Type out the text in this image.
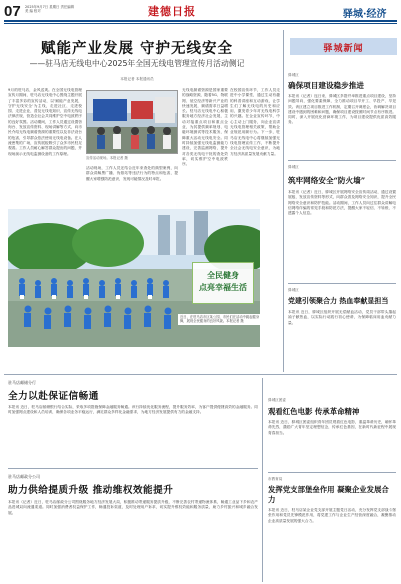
07 2025年9月7日 星期日 责任编辑 美 编 校对	建德日报	驿城·经济
赋能产业发展 守护无线安全
——驻马店无线电中心2025年全国无线电管理宣传月活动侧记
本报记者 本报通讯员
9月的驻马店，金风送爽。在全国无线电管理宣传月期间，驻马店无线电中心围绕主题开展了丰富多彩的宣传活动，以'赋能产业发展，守护无线安全'为主线，走进社区、走进校园、走进企业，普及无线电知识，宣传无线电法律法规，营造全社会共同维护空中电波秩序的良好氛围。活动期间，工作人员通过设置咨询台、发放宣传资料、现场讲解等方式，向市民介绍无线电频谱资源的重要性以及非法设台的危害，引导群众依法使用无线电设备。在人流密集的广场，宣传展板吸引了众多市民驻足观看。工作人员耐心解答群众提出的问题，并现场演示无线电监测设备的工作原理。
宣传活动现场。本报记者 摄
活动现场，工作人员还结合近年来查处的典型案例，向群众讲解黑广播、伪基站等违法行为的特点和危害，提醒大家增强防范意识，发现可疑情况及时举报。
无线电频谱资源是国家重要的战略资源，随着5G、物联网、低空经济等新兴产业的快速发展，频谱需求日益增长。驻马店无线电中心积极服务地方经济社会发展，主动对接重点项目和重点企业，为其提供频率规划、电磁环境测试等技术服务，保障重大活动无线电安全。同时持续加强无线电监测能力建设，完善监测网络，提升对各类无线电干扰的查处效率，切实维护空中电波秩序。
在校园宣传环节，工作人员走进中小学课堂，通过生动有趣的科普讲座和互动游戏，让学生们了解无线电的历史和应用，激发青少年对无线电科学的兴趣。在企业宣传环节，中心主动上门服务，向企业宣讲无线电管理相关政策，帮助企业规范用频行为。下一步，驻马店无线电中心将继续加强无线电管理宣传工作，不断提升全社会无线电安全意识，为地方经济高质量发展贡献力量。
全民健身
点亮幸福生活
近日，在驻马店市区某公园，市民们在活动中跳起健身舞，展现全民健身的良好风貌。本报记者 摄
驿城新闻
驿城区
确保项目建设稳步推进
本报讯（记者）连日来，驿城区多措并举推进重点项目建设，坚持问题导向，强化要素保障，全力推动项目早开工、早投产、早见效。该区建立项目推进工作机制，定期召开调度会，协调解决项目建设中遇到的困难和问题，确保项目建设按照时间节点有序推进。同时，深入开展优化营商环境工作，为项目建设提供优质高效服务。
驿城区
筑牢网络安全“防火墙”
本报讯（记者）近日，驿城区开展网络安全宣传周活动，通过设置展板、发放宣传资料等形式，向群众普及网络安全知识，提升全民网络安全意识和防护技能。活动期间，工作人员向过往群众讲解电信网络诈骗的常见手段和防范方法，提醒大家不轻信、不转账、不透露个人信息。
驿城区
党建引领聚合力 热血奉献显担当
本报讯 近日，驿城区组织开展无偿献血活动，党员干部带头撸起袖子献热血，以实际行动践行初心使命，为保障临床用血贡献力量。
驻马店邮储分行
全力以赴保证信畅通
本报讯 近日，驻马店邮储银行结合实际，采取多项措施保障金融服务畅通。该行持续优化服务流程，提升服务效率，为客户提供便捷高效的金融服务。同时加强网点建设和人员培训，确保各项业务平稳运行，满足群众多样化金融需求，为地方经济发展提供有力的金融支持。
驻马店邮政分公司
助力供给提质升级 推动维权效能提升
本报讯（记者）近日，驻马店邮政分公司围绕服务地方经济发展大局，积极推动寄递服务提质升级，不断完善农村寄递物流体系，畅通工业品下乡和农产品进城双向流通渠道。同时加强消费者权益保护工作，畅通投诉渠道，及时处理用户诉求，切实提升维权效能和服务质量，助力乡村振兴和城乡融合发展。
驿城区团委
观看红色电影 传承革命精神
本报讯 近日，驿城区团委组织青年团员观看红色电影，重温革命历史，缅怀革命先烈，激励广大青年坚定理想信念，传承红色基因，在新时代新征程中展现青春担当。
市教育局
发挥党支部堡垒作用 凝聚企业发展合力
本报讯 近日，驻马店某企业党支部开展主题党日活动，充分发挥党支部战斗堡垒作用和党员先锋模范作用，将党建工作与企业生产经营深度融合，凝聚推动企业高质量发展的强大合力。
